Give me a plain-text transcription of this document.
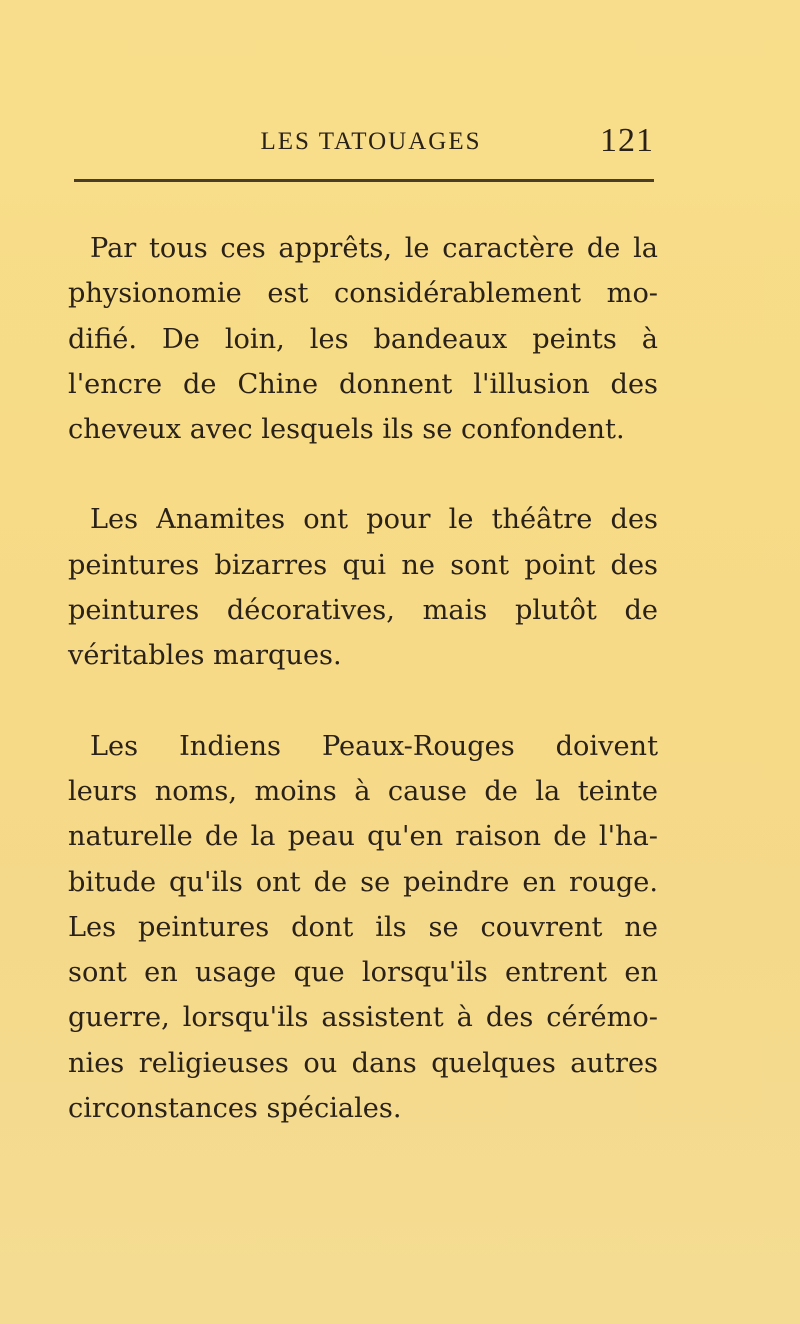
LES TATOUAGES	121

Par tous ces apprêts, le caractère de la
physionomie est considérablement mo-
difié. De loin, les bandeaux peints à
l'encre de Chine donnent l'illusion des
cheveux avec lesquels ils se confondent.

Les Anamites ont pour le théâtre des
peintures bizarres qui ne sont point des
peintures décoratives, mais plutôt de
véritables marques.

Les Indiens Peaux-Rouges doivent
leurs noms, moins à cause de la teinte
naturelle de la peau qu'en raison de l'ha-
bitude qu'ils ont de se peindre en rouge.
Les peintures dont ils se couvrent ne
sont en usage que lorsqu'ils entrent en
guerre, lorsqu'ils assistent à des cérémo-
nies religieuses ou dans quelques autres
circonstances spéciales.
